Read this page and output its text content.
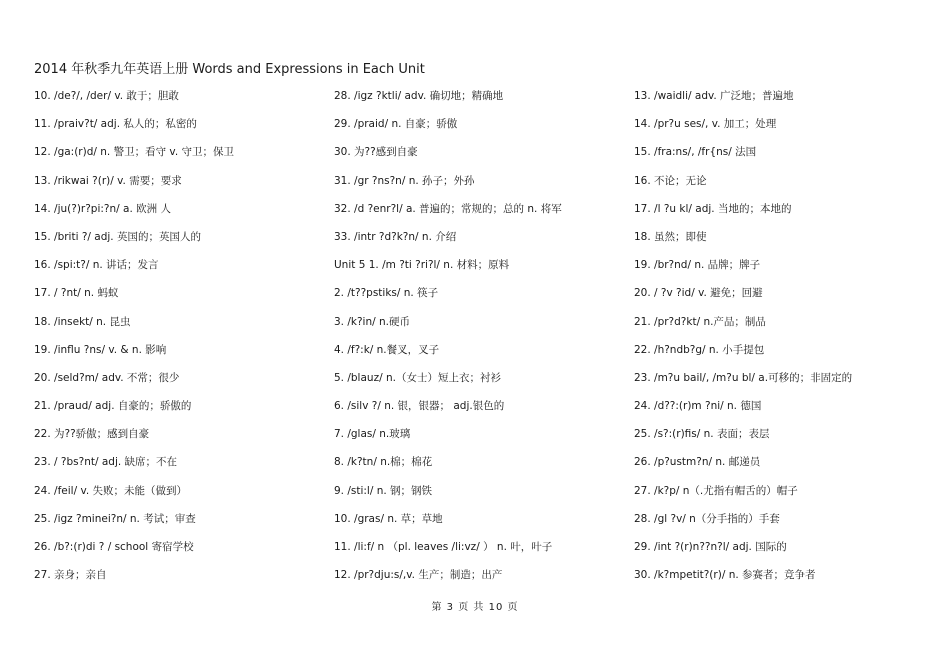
2014 年秋季九年英语上册 Words and Expressions in Each Unit
10. /de?/, /der/ v. 敢于；胆敢
11. /praiv?t/ adj. 私人的；私密的
12. /ga:(r)d/ n. 警卫；看守 v. 守卫；保卫
13. /rikwai ?(r)/ v. 需要；要求
14. /ju(?)r?pi:?n/ a. 欧洲 人
15. /briti ?/ adj. 英国的；英国人的
16. /spi:t?/ n. 讲话；发言
17. / ?nt/ n. 蚂蚁
18. /insekt/ n. 昆虫
19. /influ ?ns/ v. & n. 影响
20. /seld?m/ adv. 不常；很少
21. /praud/ adj. 自豪的；骄傲的
22. 为??骄傲；感到自豪
23. / ?bs?nt/ adj. 缺席；不在
24. /feil/ v. 失败；未能（做到）
25. /igz ?minei?n/ n. 考试；审查
26. /b?:(r)di ? / school 寄宿学校
27. 亲身；亲自
28. /igz ?ktli/ adv. 确切地；精确地
29. /praid/ n. 自豪；骄傲
30. 为??感到自豪
31. /gr ?ns?n/ n. 孙子；外孙
32. /d ?enr?l/ a. 普遍的；常规的；总的 n. 将军
33. /intr ?d?k?n/ n. 介绍
Unit 5 1. /m ?ti ?ri?l/ n. 材料；原料
2. /t??pstiks/ n. 筷子
3. /k?in/ n.硬币
4. /f?:k/ n.餐叉，叉子
5. /blauz/ n.（女士）短上衣；衬衫
6. /silv ?/ n. 银，银器； adj.银色的
7. /glas/ n.玻璃
8. /k?tn/ n.棉；棉花
9. /sti:l/ n. 钢；钢铁
10. /gras/ n. 草；草地
11. /li:f/ n （pl. leaves /li:vz/ ） n. 叶，叶子
12. /pr?dju:s/,v. 生产；制造；出产
13. /waidli/ adv. 广泛地；普遍地
14. /pr?u ses/, v. 加工；处理
15. /fra:ns/, /fr{ns/ 法国
16. 不论；无论
17. /l ?u kl/ adj. 当地的；本地的
18. 虽然；即使
19. /br?nd/ n. 品牌；牌子
20. / ?v ?id/ v. 避免；回避
21. /pr?d?kt/ n.产品；制品
22. /h?ndb?g/ n. 小手提包
23. /m?u bail/, /m?u bl/ a.可移的；非固定的
24. /d??:(r)m ?ni/ n. 德国
25. /s?:(r)fis/ n. 表面；表层
26. /p?ustm?n/ n. 邮递员
27. /k?p/ n（.尤指有帽舌的）帽子
28. /gl ?v/ n（分手指的）手套
29. /int ?(r)n??n?l/ adj. 国际的
30. /k?mpetit?(r)/ n. 参赛者；竞争者
第 3 页 共 10 页
